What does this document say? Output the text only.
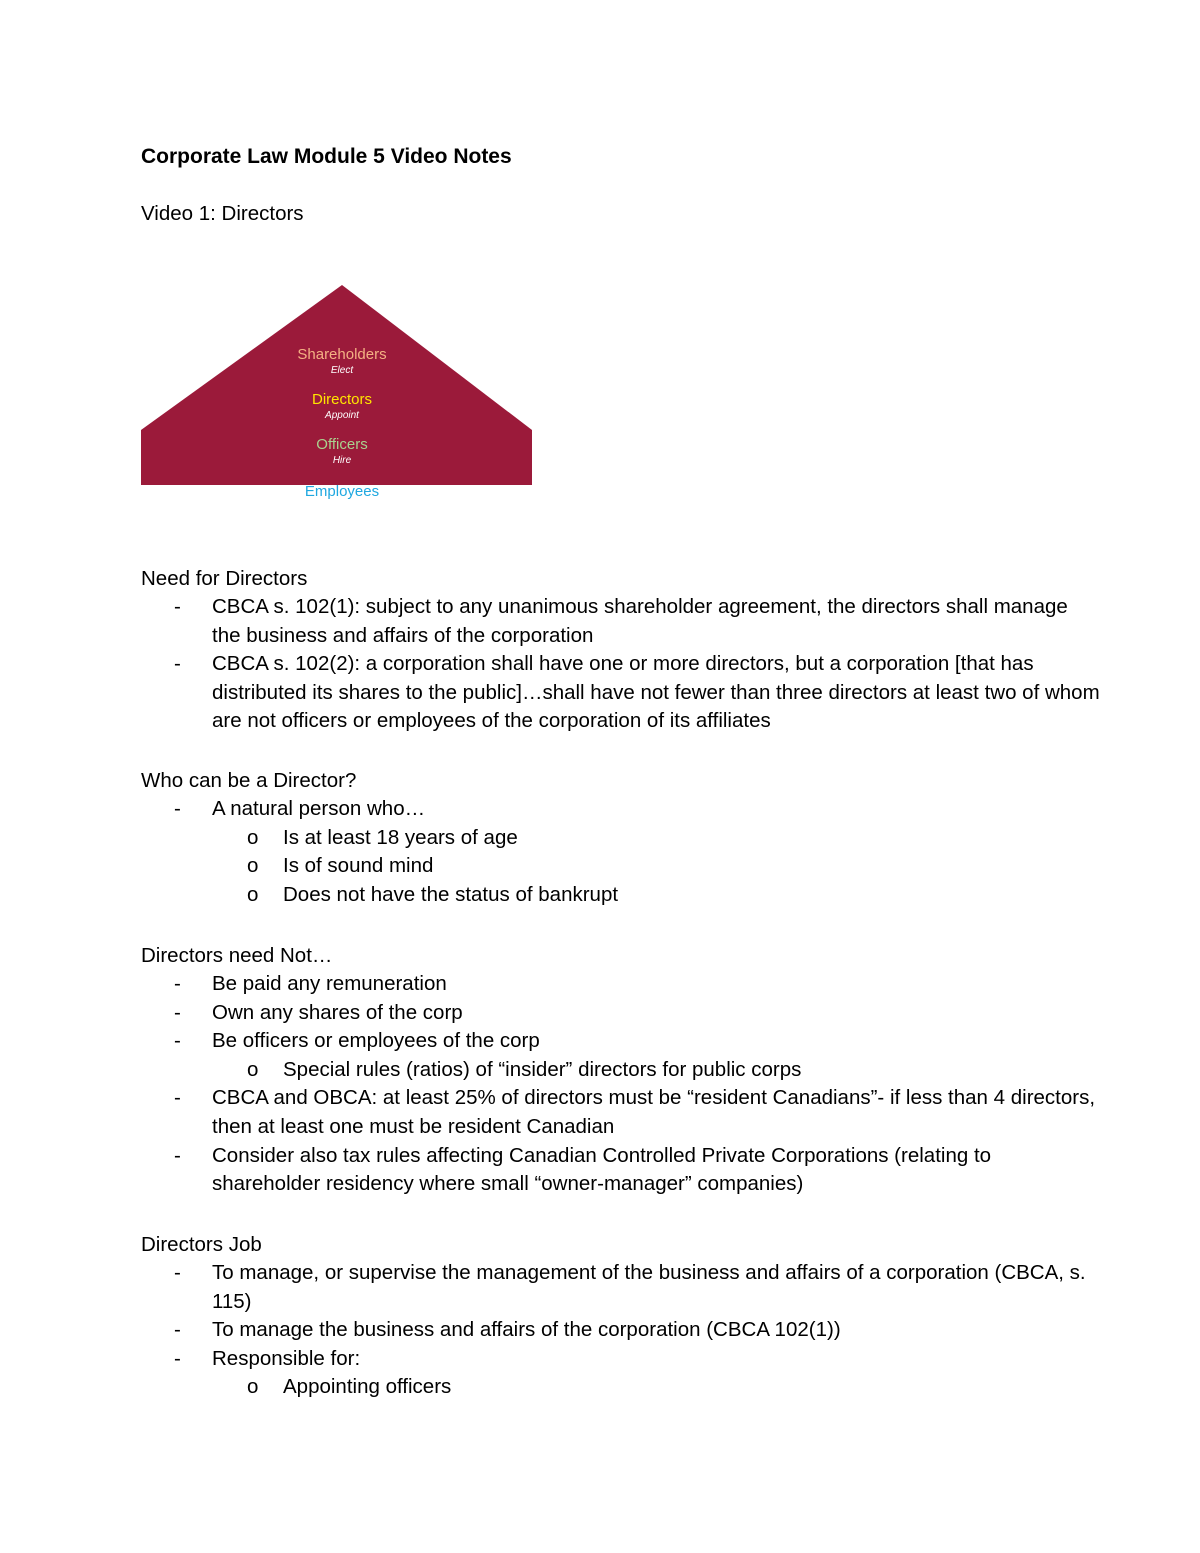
Corporate Law Module 5 Video Notes
Video 1: Directors
Shareholders
Elect
Directors
Appoint
Officers
Hire
Employees
Need for Directors
- CBCA s. 102(1): subject to any unanimous shareholder agreement, the directors shall manage the business and affairs of the corporation
- CBCA s. 102(2): a corporation shall have one or more directors, but a corporation [that has distributed its shares to the public]…shall have not fewer than three directors at least two of whom are not officers or employees of the corporation of its affiliates
Who can be a Director?
- A natural person who…
o Is at least 18 years of age
o Is of sound mind
o Does not have the status of bankrupt
Directors need Not…
- Be paid any remuneration
- Own any shares of the corp
- Be officers or employees of the corp
o Special rules (ratios) of “insider” directors for public corps
- CBCA and OBCA: at least 25% of directors must be “resident Canadians”- if less than 4 directors, then at least one must be resident Canadian
- Consider also tax rules affecting Canadian Controlled Private Corporations (relating to shareholder residency where small “owner-manager” companies)
Directors Job
- To manage, or supervise the management of the business and affairs of a corporation (CBCA, s. 115)
- To manage the business and affairs of the corporation (CBCA 102(1))
- Responsible for:
o Appointing officers
